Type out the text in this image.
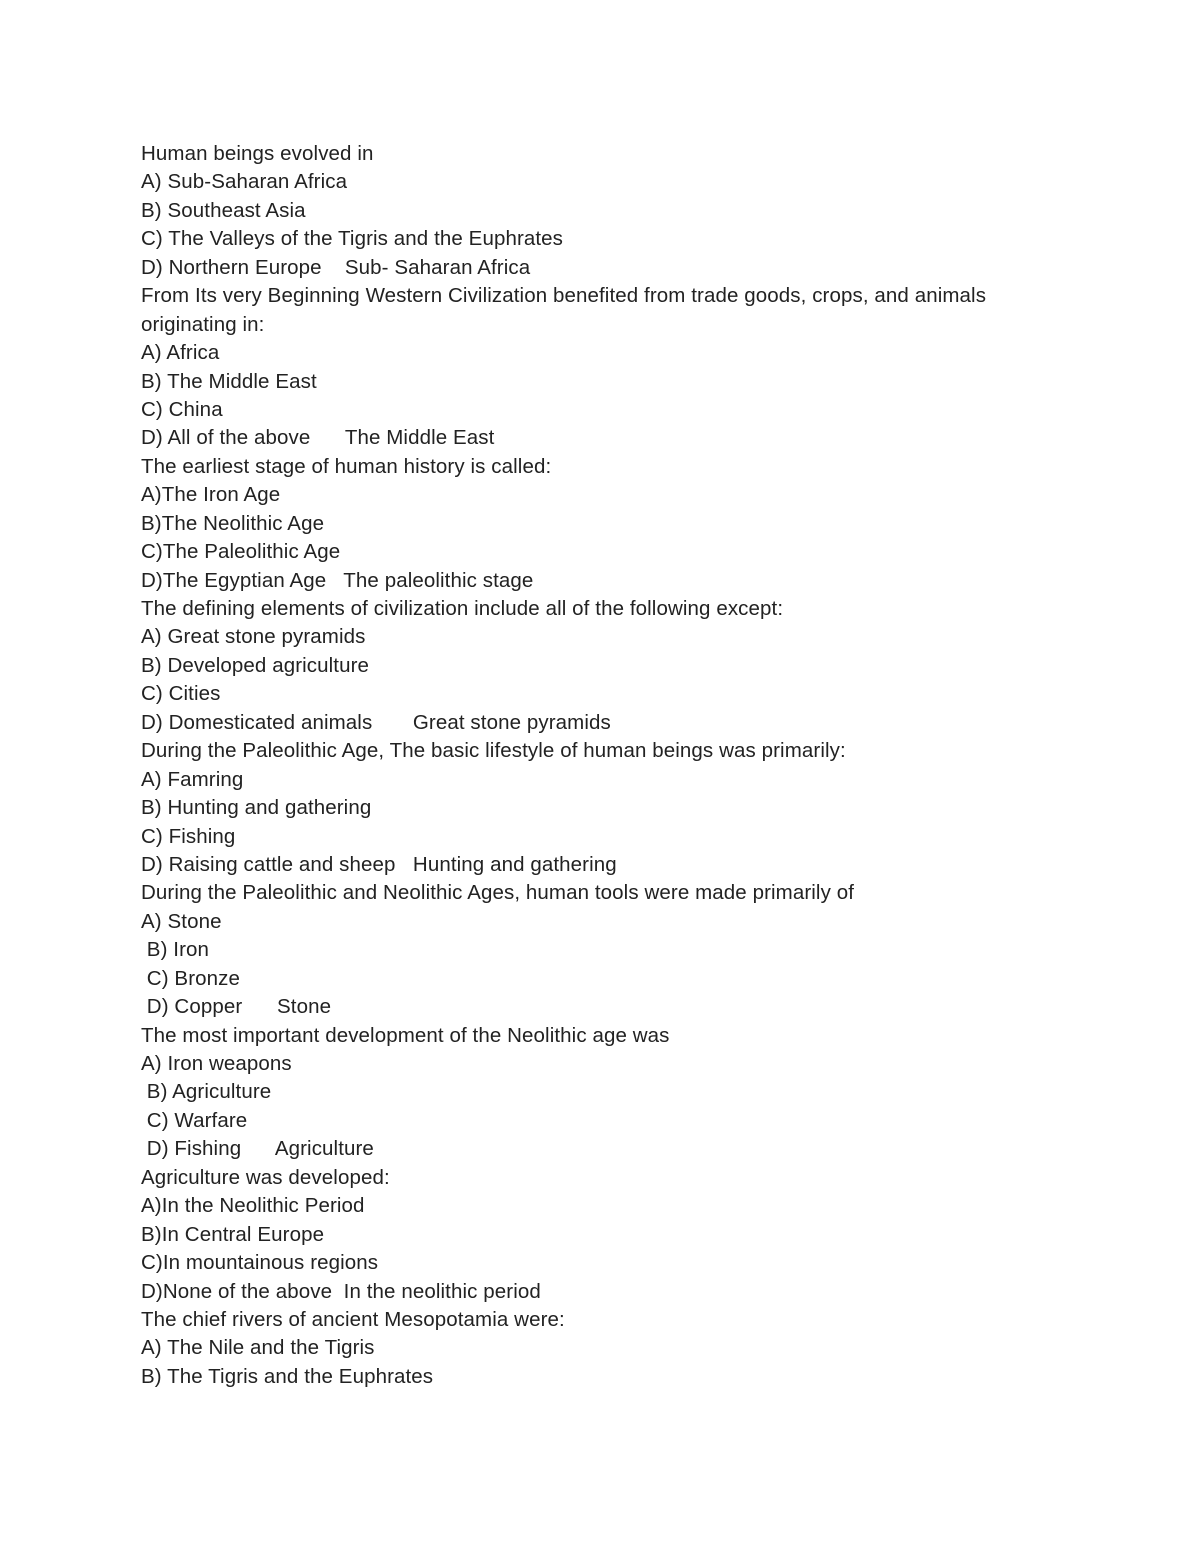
Human beings evolved in
A) Sub-Saharan Africa
B) Southeast Asia
C) The Valleys of the Tigris and the Euphrates
D) Northern Europe    Sub- Saharan Africa
From Its very Beginning Western Civilization benefited from trade goods, crops, and animals
originating in:
A) Africa
B) The Middle East
C) China
D) All of the above      The Middle East
The earliest stage of human history is called:
A)The Iron Age
B)The Neolithic Age
C)The Paleolithic Age
D)The Egyptian Age   The paleolithic stage
The defining elements of civilization include all of the following except:
A) Great stone pyramids
B) Developed agriculture
C) Cities
D) Domesticated animals       Great stone pyramids
During the Paleolithic Age, The basic lifestyle of human beings was primarily:
A) Famring
B) Hunting and gathering
C) Fishing
D) Raising cattle and sheep   Hunting and gathering
During the Paleolithic and Neolithic Ages, human tools were made primarily of
A) Stone
B) Iron
C) Bronze
D) Copper      Stone
The most important development of the Neolithic age was
A) Iron weapons
B) Agriculture
C) Warfare
D) Fishing      Agriculture
Agriculture was developed:
A)In the Neolithic Period
B)In Central Europe
C)In mountainous regions
D)None of the above  In the neolithic period
The chief rivers of ancient Mesopotamia were:
A) The Nile and the Tigris
B) The Tigris and the Euphrates
